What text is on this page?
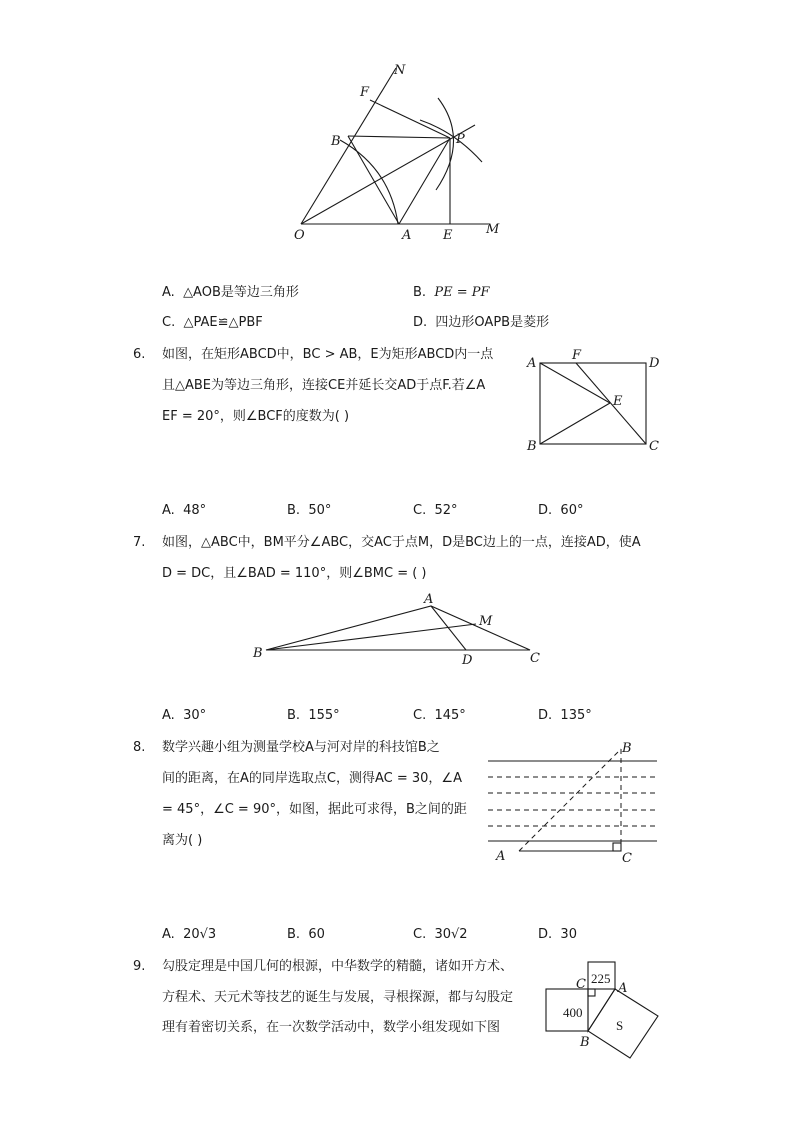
N
F
B	P
O	A E	M
A. △AOB是等边三角形	B. PE = PF
C. △PAE≌△PBF	D. 四边形OAPB是菱形
6. 如图，在矩形ABCD中，BC > AB，E为矩形ABCD内一点
且△ABE为等边三角形，连接CE并延长交AD于点F.若∠A
EF = 20°，则∠BCF的度数为( )
A
F
D
E
B	C
A. 48°	B. 50°	C. 52°	D. 60°
7. 如图，△ABC中，BM平分∠ABC，交AC于点M，D是BC边上的一点，连接AD，使A
D = DC，且∠BAD = 110°，则∠BMC = ( )
A
M
B	D	C
A. 30°	B. 155°	C. 145°	D. 135°
8. 数学兴趣小组为测量学校A与河对岸的科技馆B之
间的距离，在A的同岸选取点C，测得AC = 30，∠A
= 45°，∠C = 90°，如图，据此可求得，B之间的距
离为( )
B
A	C
A. 20√3	B. 60	C. 30√2	D. 30
9. 勾股定理是中国几何的根源，中华数学的精髓，诸如开方术、
方程术、天元术等技艺的诞生与发展，寻根探源，都与勾股定
理有着密切关系，在一次数学活动中，数学小组发现如下图
C A
B
225
400
S
